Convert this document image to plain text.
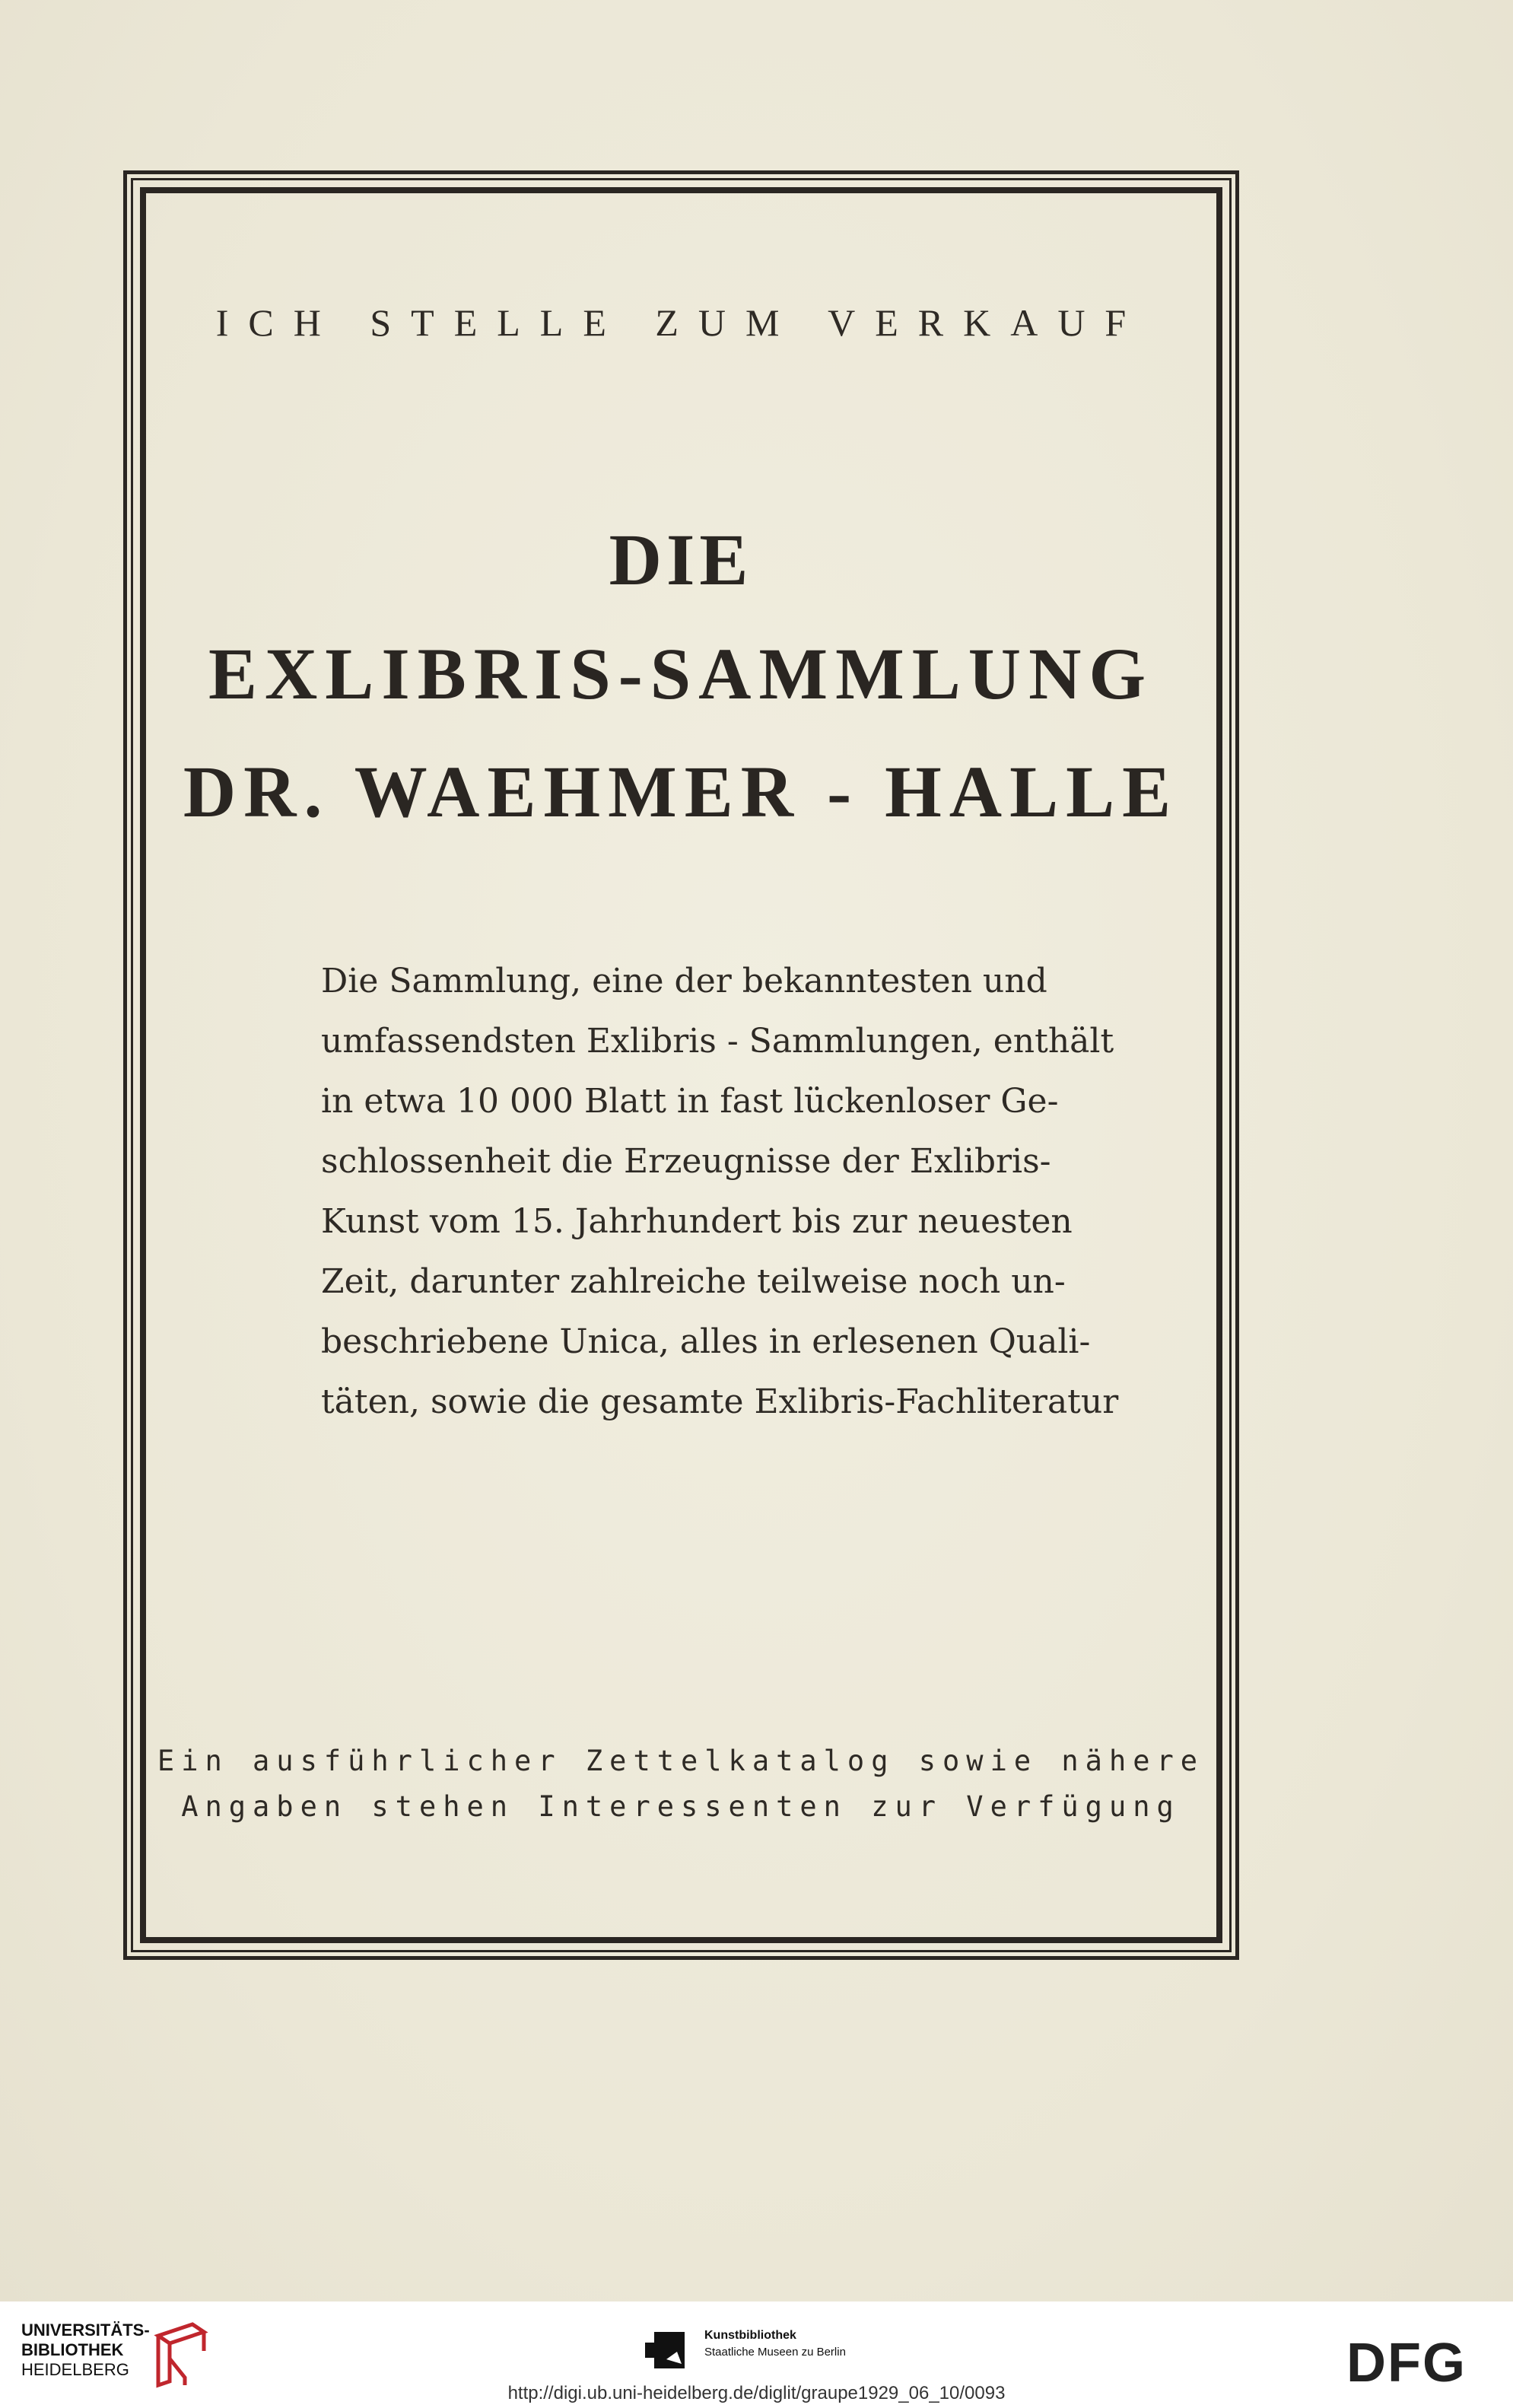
ICH STELLE ZUM VERKAUF
DIE
EXLIBRIS-SAMMLUNG
DR. WAEHMER - HALLE
Die Sammlung, eine der bekanntesten und
umfassendsten Exlibris - Sammlungen, enthält
in etwa 10 000 Blatt in fast lückenloser Ge-
schlossenheit die Erzeugnisse der Exlibris-
Kunst vom 15. Jahrhundert bis zur neuesten
Zeit, darunter zahlreiche teilweise noch un-
beschriebene Unica, alles in erlesenen Quali-
täten, sowie die gesamte Exlibris-Fachliteratur
Ein ausführlicher Zettelkatalog sowie nähere
Angaben stehen Interessenten zur Verfügung
UNIVERSITÄTS-
BIBLIOTHEK
HEIDELBERG
Kunstbibliothek
Staatliche Museen zu Berlin	DFG
http://digi.ub.uni-heidelberg.de/diglit/graupe1929_06_10/0093
